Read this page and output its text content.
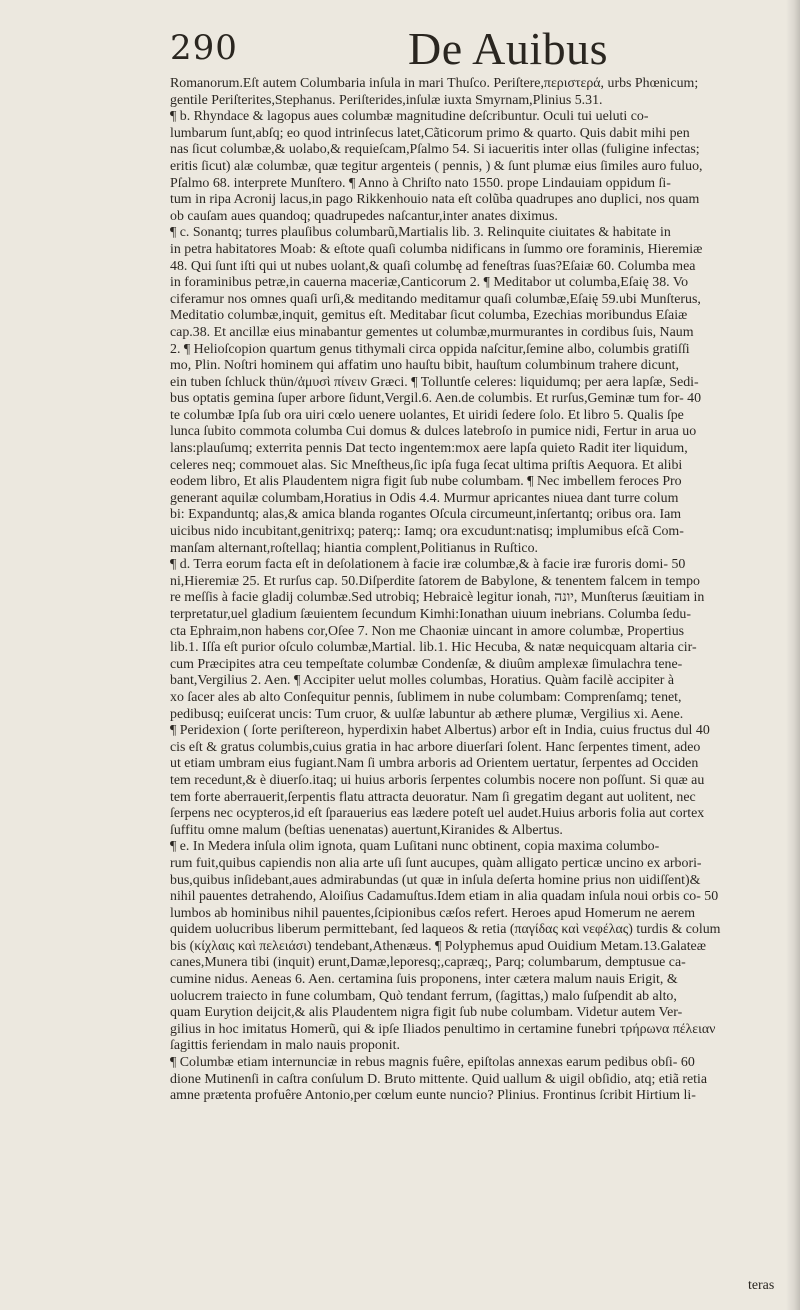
290	De Auibus
Romanorum.Eſt autem Columbaria inſula in mari Thuſco. Periſtere,περιστερά, urbs Phœnicum;
gentile Periſterites,Stephanus. Periſterides,inſulæ iuxta Smyrnam,Plinius 5.31.
¶ b. Rhyndace & lagopus aues columbæ magnitudine deſcribuntur. Oculi tui ueluti co-
lumbarum ſunt,abſq; eo quod intrinſecus latet,Cãticorum primo & quarto. Quis dabit mihi pen
nas ſicut columbæ,& uolabo,& requieſcam,Pſalmo 54. Si iacueritis inter ollas (fuligine infectas;
eritis ſicut) alæ columbæ, quæ tegitur argenteis ( pennis, ) & ſunt plumæ eius ſimiles auro fuluo,
Pſalmo 68. interprete Munſtero. ¶ Anno à Chriſto nato 1550. prope Lindauiam oppidum ſi-
tum in ripa Acronij lacus,in pago Rikkenhouio nata eſt colũba quadrupes ano duplici, nos quam
ob cauſam aues quandoq; quadrupedes naſcantur,inter anates diximus.
¶ c. Sonantq; turres plauſibus columbarũ,Martialis lib. 3. Relinquite ciuitates & habitate in
in petra habitatores Moab: & eſtote quaſi columba nidificans in ſummo ore foraminis, Hieremiæ
48. Qui ſunt iſti qui ut nubes uolant,& quaſi columbę ad feneſtras ſuas?Eſaiæ 60. Columba mea
in foraminibus petræ,in cauerna maceriæ,Canticorum 2. ¶ Meditabor ut columba,Eſaię 38. Vo
ciferamur nos omnes quaſi urſi,& meditando meditamur quaſi columbæ,Eſaię 59.ubi Munſterus,
Meditatio columbæ,inquit, gemitus eſt. Meditabar ſicut columba, Ezechias moribundus Eſaiæ
cap.38. Et ancillæ eius minabantur gementes ut columbæ,murmurantes in cordibus ſuis, Naum
2. ¶ Helioſcopion quartum genus tithymali circa oppida naſcitur,ſemine albo, columbis gratiſſi
mo, Plin. Noſtri hominem qui affatim uno hauſtu bibit, hauſtum columbinum trahere dicunt,
ein tuben ſchluck thün/ἀμυσὶ πίνειν Græci. ¶ Tolluntſe celeres: liquidumq; per aera lapſæ, Sedi-
bus optatis gemina ſuper arbore ſidunt,Vergil.6. Aen.de columbis. Et rurſus,Geminæ tum for- 40
te columbæ Ipſa ſub ora uiri cœlo uenere uolantes, Et uiridi ſedere ſolo. Et libro 5. Qualis ſpe
lunca ſubito commota columba Cui domus & dulces latebroſo in pumice nidi, Fertur in arua uo
lans:plauſumq; exterrita pennis Dat tecto ingentem:mox aere lapſa quieto Radit iter liquidum,
celeres neq; commouet alas. Sic Mneſtheus,ſic ipſa fuga ſecat ultima priſtis Aequora. Et alibi
eodem libro, Et alis Plaudentem nigra figit ſub nube columbam. ¶ Nec imbellem feroces Pro
generant aquilæ columbam,Horatius in Odis 4.4. Murmur apricantes niuea dant turre colum
bi: Expanduntq; alas,& amica blanda rogantes Oſcula circumeunt,inſertantq; oribus ora. Iam
uicibus nido incubitant,genitrixq; paterq;: Iamq; ora excudunt:natisq; implumibus eſcã Com-
manſam alternant,roſtellaq; hiantia complent,Politianus in Ruſtico.
¶ d. Terra eorum facta eſt in deſolationem à facie iræ columbæ,& à facie iræ furoris domi- 50
ni,Hieremiæ 25. Et rurſus cap. 50.Diſperdite ſatorem de Babylone, & tenentem falcem in tempo
re meſſis à facie gladij columbæ.Sed utrobiq; Hebraicè legitur ionah, יונה, Munſterus ſæuitiam in
terpretatur,uel gladium ſæuientem ſecundum Kimhi:Ionathan uiuum inebrians. Columba ſedu-
cta Ephraim,non habens cor,Oſee 7. Non me Chaoniæ uincant in amore columbæ, Propertius
lib.1. Iſſa eſt purior oſculo columbæ,Martial. lib.1. Hic Hecuba, & natæ nequicquam altaria cir-
cum Præcipites atra ceu tempeſtate columbæ Condenſæ, & diuûm amplexæ ſimulachra tene-
bant,Vergilius 2. Aen. ¶ Accipiter uelut molles columbas, Horatius. Quàm facilè accipiter à
xo ſacer ales ab alto Conſequitur pennis, ſublimem in nube columbam: Comprenſamq; tenet,
pedibusq; euiſcerat uncis: Tum cruor, & uulſæ labuntur ab æthere plumæ, Vergilius xi. Aene.
¶ Peridexion ( ſorte periſtereon, hyperdixin habet Albertus) arbor eſt in India, cuius fructus dul 40
cis eſt & gratus columbis,cuius gratia in hac arbore diuerſari ſolent. Hanc ſerpentes timent, adeo
ut etiam umbram eius fugiant.Nam ſi umbra arboris ad Orientem uertatur, ſerpentes ad Occiden
tem recedunt,& è diuerſo.itaq; ui huius arboris ſerpentes columbis nocere non poſſunt. Si quæ au
tem forte aberrauerit,ſerpentis flatu attracta deuoratur. Nam ſi gregatim degant aut uolitent, nec
ſerpens nec ocypteros,id eſt ſparauerius eas lædere poteſt uel audet.Huius arboris folia aut cortex
ſuffitu omne malum (beſtias uenenatas) auertunt,Kiranides & Albertus.
¶ e. In Medera inſula olim ignota, quam Luſitani nunc obtinent, copia maxima columbo-
rum fuit,quibus capiendis non alia arte uſi ſunt aucupes, quàm alligato perticæ uncino ex arbori-
bus,quibus inſidebant,aues admirabundas (ut quæ in inſula deſerta homine prius non uidiſſent)&
nihil pauentes detrahendo, Aloiſius Cadamuſtus.Idem etiam in alia quadam inſula noui orbis co- 50
lumbos ab hominibus nihil pauentes,ſcipionibus cæſos refert. Heroes apud Homerum ne aerem
quidem uolucribus liberum permittebant, ſed laqueos & retia (παγίδας καὶ νεφέλας) turdis & colum
bis (κίχλαις καὶ πελειάσι) tendebant,Athenæus. ¶ Polyphemus apud Ouidium Metam.13.Galateæ
canes,Munera tibi (inquit) erunt,Damæ,leporesq;,capræq;, Parq; columbarum, demptusue ca-
cumine nidus. Aeneas 6. Aen. certamina ſuis proponens, inter cætera malum nauis Erigit, &
uolucrem traiecto in fune columbam, Quò tendant ferrum, (ſagittas,) malo ſuſpendit ab alto,
quam Eurytion deijcit,& alis Plaudentem nigra figit ſub nube columbam. Videtur autem Ver-
gilius in hoc imitatus Homerũ, qui & ipſe Iliados penultimo in certamine funebri τρήρωνα πέλειαν
ſagittis feriendam in malo nauis proponit.
¶ Columbæ etiam internunciæ in rebus magnis fuêre, epiſtolas annexas earum pedibus obſi- 60
dione Mutinenſi in caſtra conſulum D. Bruto mittente. Quid uallum & uigil obſidio, atq; etiã retia
amne prætenta profuêre Antonio,per cœlum eunte nuncio? Plinius. Frontinus ſcribit Hirtium li-
teras
